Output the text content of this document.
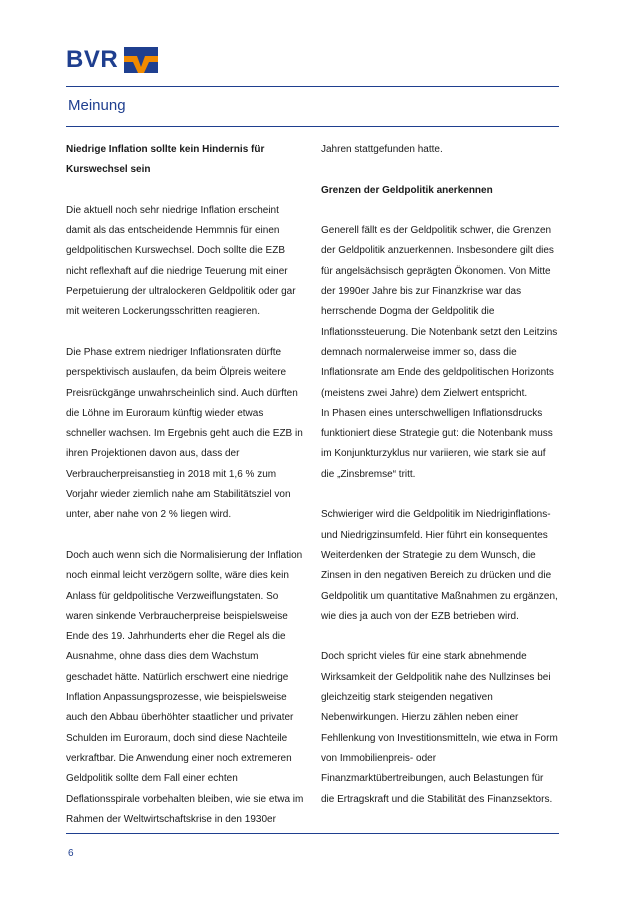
BVR
Meinung

Niedrige Inflation sollte kein Hindernis für Kurswechsel sein

Die aktuell noch sehr niedrige Inflation erscheint damit als das entscheidende Hemmnis für einen geldpolitischen Kurswechsel. Doch sollte die EZB nicht reflexhaft auf die niedrige Teuerung mit einer Perpetuierung der ultralockeren Geldpolitik oder gar mit weiteren Lockerungsschritten reagieren.

Die Phase extrem niedriger Inflationsraten dürfte perspektivisch auslaufen, da beim Ölpreis weitere Preisrückgänge unwahrscheinlich sind. Auch dürften die Löhne im Euroraum künftig wieder etwas schneller wachsen. Im Ergebnis geht auch die EZB in ihren Projektionen davon aus, dass der Verbraucherpreisanstieg in 2018 mit 1,6 % zum Vorjahr wieder ziemlich nahe am Stabilitätsziel von unter, aber nahe von 2 % liegen wird.

Doch auch wenn sich die Normalisierung der Inflation noch einmal leicht verzögern sollte, wäre dies kein Anlass für geldpolitische Verzweiflungstaten. So waren sinkende Verbraucherpreise beispielsweise Ende des 19. Jahrhunderts eher die Regel als die Ausnahme, ohne dass dies dem Wachstum geschadet hätte. Natürlich erschwert eine niedrige Inflation Anpassungsprozesse, wie beispielsweise auch den Abbau überhöhter staatlicher und privater Schulden im Euroraum, doch sind diese Nachteile verkraftbar. Die Anwendung einer noch extremeren Geldpolitik sollte dem Fall einer echten Deflationsspirale vorbehalten bleiben, wie sie etwa im Rahmen der Weltwirtschaftskrise in den 1930er

Jahren stattgefunden hatte.

Grenzen der Geldpolitik anerkennen

Generell fällt es der Geldpolitik schwer, die Grenzen der Geldpolitik anzuerkennen. Insbesondere gilt dies für angelsächsisch geprägten Ökonomen. Von Mitte der 1990er Jahre bis zur Finanzkrise war das herrschende Dogma der Geldpolitik die Inflationssteuerung. Die Notenbank setzt den Leitzins demnach normalerweise immer so, dass die Inflationsrate am Ende des geldpolitischen Horizonts (meistens zwei Jahre) dem Zielwert entspricht.

In Phasen eines unterschwelligen Inflationsdrucks funktioniert diese Strategie gut: die Notenbank muss im Konjunkturzyklus nur variieren, wie stark sie auf die „Zinsbremse“ tritt.

Schwieriger wird die Geldpolitik im Niedriginflations- und Niedrigzinsumfeld. Hier führt ein konsequentes Weiterdenken der Strategie zu dem Wunsch, die Zinsen in den negativen Bereich zu drücken und die Geldpolitik um quantitative Maßnahmen zu ergänzen, wie dies ja auch von der EZB betrieben wird.

Doch spricht vieles für eine stark abnehmende Wirksamkeit der Geldpolitik nahe des Nullzinses bei gleichzeitig stark steigenden negativen Nebenwirkungen. Hierzu zählen neben einer Fehllenkung von Investitionsmitteln, wie etwa in Form von Immobilienpreis- oder Finanzmarktübertreibungen, auch Belastungen für die Ertragskraft und die Stabilität des Finanzsektors.

6
